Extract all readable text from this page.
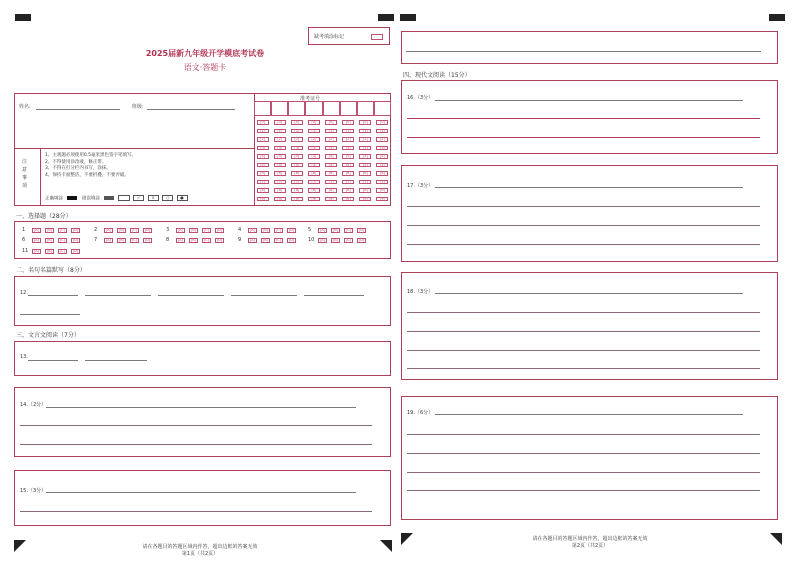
缺考填涂标记
2025届新九年级开学模底考试卷
语文·答题卡
姓名:	班级:
准考证号
[0]
[1]
[2]
[3]
[4]
[5]
[6]
[7]
[8]
[9]
[0]
[1]
[2]
[3]
[4]
[5]
[6]
[7]
[8]
[9]
[0]
[1]
[2]
[3]
[4]
[5]
[6]
[7]
[8]
[9]
[0]
[1]
[2]
[3]
[4]
[5]
[6]
[7]
[8]
[9]
[0]
[1]
[2]
[3]
[4]
[5]
[6]
[7]
[8]
[9]
[0]
[1]
[2]
[3]
[4]
[5]
[6]
[7]
[8]
[9]
[0]
[1]
[2]
[3]
[4]
[5]
[6]
[7]
[8]
[9]
[0]
[1]
[2]
[3]
[4]
[5]
[6]
[7]
[8]
[9]
注 意 事 项
1、主观题必须使用0.5毫米黑色签字笔填写。
2、不得使用涂改液，修正带。
3、不得在打分栏内书写，涂抹。
4、保持卡面整洁，不要折叠，不要弄破。
正确填涂	错误填涂	✓	×	○	●
一、选择题（28分）
1	[A]	[B]	[C]	[D]	2	[A]	[B]	[C]	[D]	3	[A]	[B]	[C]	[D]	4	[A]	[B]	[C]	[D]	5	[A]	[B]	[C]	[D]
6	[A]	[B]	[C]	[D]	7	[A]	[B]	[C]	[D]	8	[A]	[B]	[C]	[D]	9	[A]	[B]	[C]	[D]	10	[A]	[B]	[C]	[D]
11	[A]	[B]	[C]	[D]
二、名句名篇默写（8分）
12.
三、文言文阅读（7分）
13.
14.（2分）
15.（3分）
请在各题目的答题区域内作答，超出边框的答案无效
第1页（共2页）
四、现代文阅读（15分）
16.（3分）
17.（3分）
18.（3分）
19.（6分）
请在各题目的答题区域内作答，超出边框的答案无效
第2页（共2页）
